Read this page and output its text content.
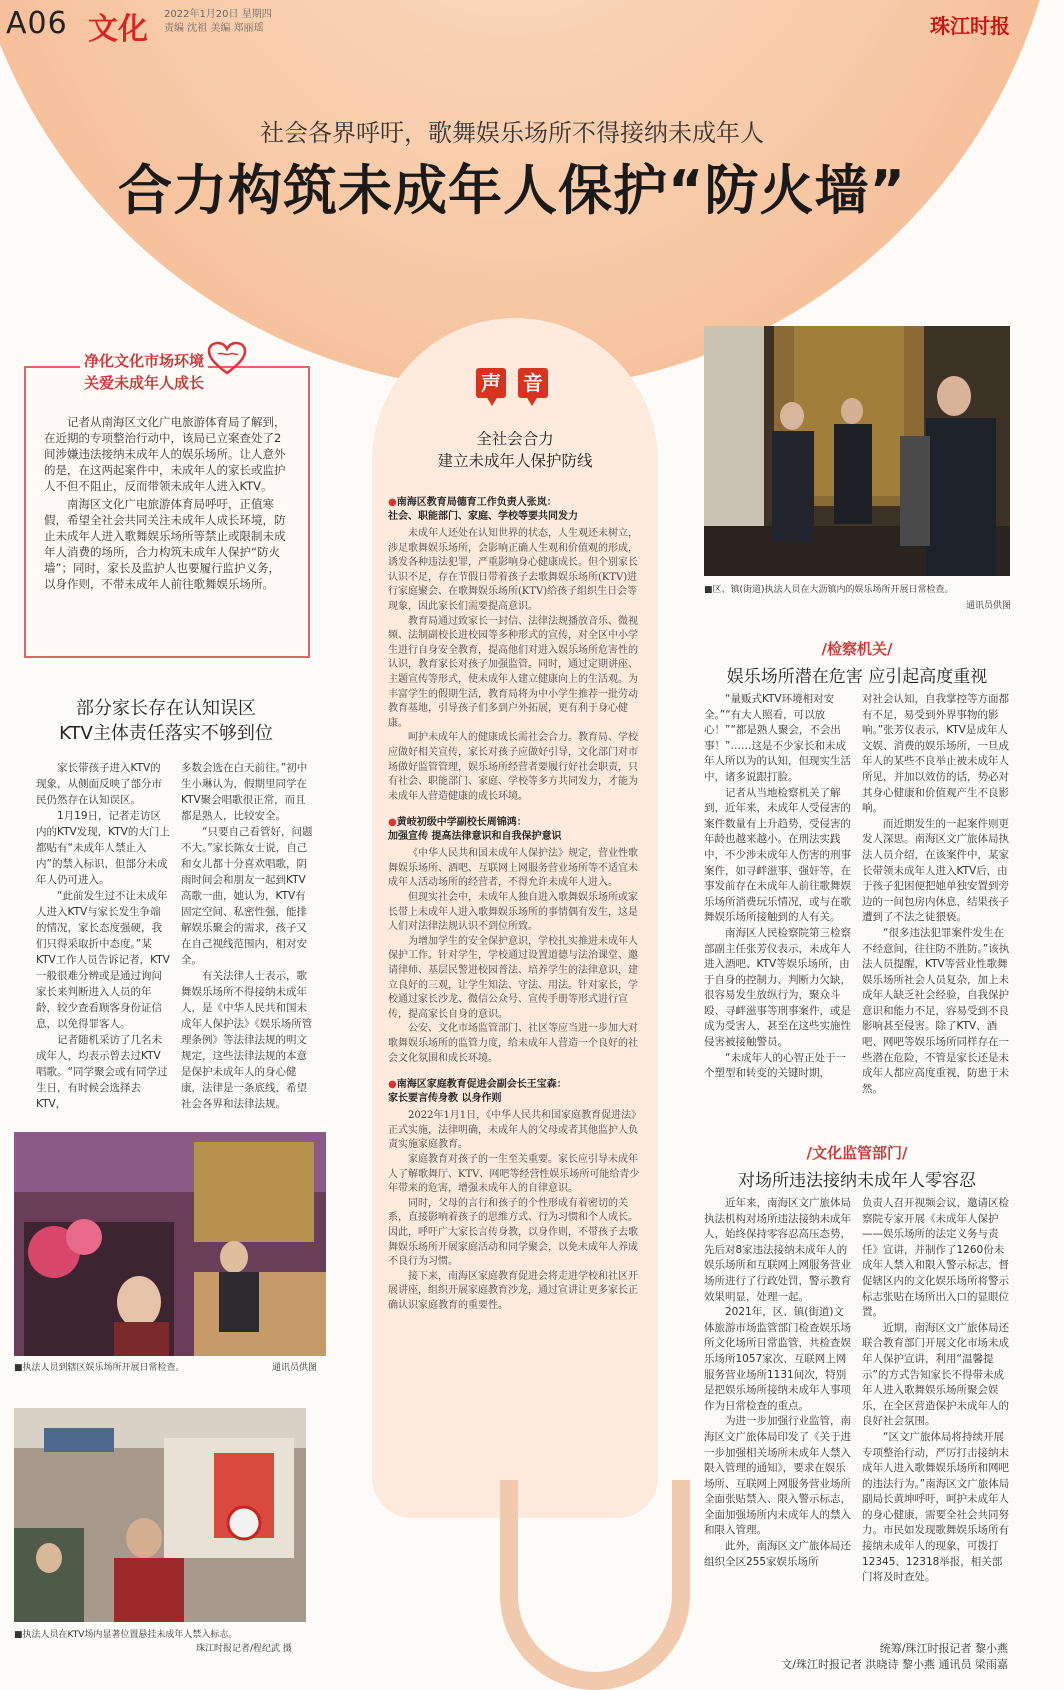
A06 文化 2022年1月20日 星期四
责编 沈祖 美编 郑丽瑶	珠江时报
社会各界呼吁，歌舞娱乐场所不得接纳未成年人
合力构筑未成年人保护“防火墙”
净化文化市场环境
关爱未成年人成长

记者从南海区文化广电旅游体育局了解到，在近期的专项整治行动中，该局已立案查处了2间涉嫌违法接纳未成年人的娱乐场所。让人意外的是，在这两起案件中，未成年人的家长或监护人不但不阻止，反而带领未成年人进入KTV。

南海区文化广电旅游体育局呼吁，正值寒假，希望全社会共同关注未成年人成长环境，防止未成年人进入歌舞娱乐场所等禁止或限制未成年人消费的场所，合力构筑未成年人保护“防火墙”；同时，家长及监护人也要履行监护义务，以身作则，不带未成年人前往歌舞娱乐场所。

部分家长存在认知误区
KTV主体责任落实不够到位

家长带孩子进入KTV的现象，从侧面反映了部分市民仍然存在认知误区。

1月19日，记者走访区内的KTV发现，KTV的大门上都贴有“未成年人禁止入内”的禁入标识，但部分未成年人仍可进入。

“此前发生过不让未成年人进入KTV与家长发生争端的情况，家长态度强硬，我们只得采取折中态度。”某KTV工作人员告诉记者，KTV一般很难分辨或是通过询问家长来判断进入人员的年龄，较少查看顾客身份证信息，以免得罪客人。

记者随机采访了几名未成年人，均表示曾去过KTV唱歌。“同学聚会或有同学过生日，有时候会选择去KTV，

多数会选在白天前往。”初中生小琳认为，假期里同学在KTV聚会唱歌很正常，而且都是熟人，比较安全。

“只要自己看管好，问题不大。”家长陈女士说，自己和女儿都十分喜欢唱歌，阴雨时间会和朋友一起到KTV高歌一曲，她认为，KTV有固定空间、私密性强，能排解娱乐聚会的需求，孩子又在自己视线范围内，相对安全。

有关法律人士表示，歌舞娱乐场所不得接纳未成年人，是《中华人民共和国未成年人保护法》《娱乐场所管理条例》等法律法规的明文规定，这些法律法规的本意是保护未成年人的身心健康，法律是一条底线，希望社会各界和法律法规。

■执法人员到辖区娱乐场所开展日常检查。	通讯员供图
■执法人员在KTV场内显著位置悬挂未成年人禁入标志。
珠江时报记者/程纪武 摄
声 音
全社会合力
建立未成年人保护防线
●南海区教育局德育工作负责人张岚：
社会、职能部门、家庭、学校等要共同发力

未成年人还处在认知世界的状态，人生观还未树立，涉足歌舞娱乐场所，会影响正确人生观和价值观的形成，诱发各种违法犯罪，严重影响身心健康成长。但个别家长认识不足，存在节假日带着孩子去歌舞娱乐场所(KTV)进行家庭聚会、在歌舞娱乐场所(KTV)给孩子组织生日会等现象，因此家长们需要提高意识。

教育局通过致家长一封信、法律法规播放音乐、微视频、法制副校长进校园等多种形式的宣传，对全区中小学生进行自身安全教育，提高他们对进入娱乐场所危害性的认识，教育家长对孩子加强监管。同时，通过定期讲座、主题宣传等形式，使未成年人建立健康向上的生活观。为丰富学生的假期生活，教育局将为中小学生推荐一批劳动教育基地，引导孩子们多到户外拓展，更有利于身心健康。

呵护未成年人的健康成长需社会合力。教育局、学校应做好相关宣传，家长对孩子应做好引导，文化部门对市场做好监管管理，娱乐场所经营者要履行好社会职责，只有社会、职能部门、家庭、学校等多方共同发力，才能为未成年人营造健康的成长环境。

●黄岐初级中学副校长周锦鸿：
加强宣传 提高法律意识和自我保护意识

《中华人民共和国未成年人保护法》规定，营业性歌舞娱乐场所、酒吧、互联网上网服务营业场所等不适宜未成年人活动场所的经营者，不得允许未成年人进入。

但现实社会中，未成年人独自进入歌舞娱乐场所或家长带上未成年人进入歌舞娱乐场所的事情偶有发生，这是人们对法律法规认识不到位所致。

为增加学生的安全保护意识，学校扎实推进未成年人保护工作。针对学生，学校通过设置道德与法治课堂、邀请律师、基层民警进校园普法、培养学生的法律意识，建立良好的三观，让学生知法、守法、用法。针对家长，学校通过家长沙龙、微信公众号、宣传手册等形式进行宣传，提高家长自身的意识。

公安、文化市场监管部门、社区等应当进一步加大对歌舞娱乐场所的监管力度，给未成年人营造一个良好的社会文化氛围和成长环境。

●南海区家庭教育促进会副会长王宝森：
家长要言传身教 以身作则

2022年1月1日，《中华人民共和国家庭教育促进法》正式实施，法律明确，未成年人的父母或者其他监护人负责实施家庭教育。

家庭教育对孩子的一生至关重要。家长应引导未成年人了解歌舞厅、KTV、网吧等经营性娱乐场所可能给青少年带来的危害，增强未成年人的自律意识。

同时，父母的言行和孩子的个性形成有着密切的关系，直接影响着孩子的思维方式、行为习惯和个人成长。因此，呼吁广大家长言传身教，以身作则，不带孩子去歌舞娱乐场所开展家庭活动和同学聚会，以免未成年人养成不良行为习惯。

接下来，南海区家庭教育促进会将走进学校和社区开展讲座，组织开展家庭教育沙龙，通过宣讲让更多家长正确认识家庭教育的重要性。

■区、镇(街道)执法人员在大沥镇内的娱乐场所开展日常检查。
通讯员供图
/检察机关/
娱乐场所潜在危害 应引起高度重视

“量贩式KTV环境相对安全。”“有大人照看，可以放心！”“都是熟人聚会，不会出事！”……这是不少家长和未成年人所以为的认知，但现实生活中，诸多说跟打脸。

记者从当地检察机关了解到，近年来，未成年人受侵害的案件数量有上升趋势，受侵害的年龄也越来越小。在刑法实践中，不少涉未成年人伤害的刑事案件，如寻衅滋事、强奸等，在事发前存在未成年人前往歌舞娱乐场所消费玩乐情况，或与在歌舞娱乐场所接触到的人有关。

南海区人民检察院第三检察部副主任张芳仪表示，未成年人进入酒吧、KTV等娱乐场所，由于自身的控制力、判断力欠缺，很容易发生放纵行为，聚众斗殴、寻衅滋事等刑事案件，或是成为受害人，甚至在这些实施性侵害被接触警员。

“未成年人的心智正处于一个塑型和转变的关键时期，

对社会认知，自我掌控等方面都有不足，易受到外界事物的影响。”张芳仪表示，KTV是成年人文娱、消费的娱乐场所，一旦成年人的某些不良举止被未成年人所见，并加以效仿的话，势必对其身心健康和价值观产生不良影响。

而近期发生的一起案件则更发人深思。南海区文广旅体局执法人员介绍，在该案件中，某家长带领未成年人进入KTV后，由于孩子犯困便把她单独安置到旁边的一间包房内休息，结果孩子遭到了不法之徒猥亵。

“很多违法犯罪案件发生在不经意间，往往防不胜防。”该执法人员提醒，KTV等营业性歌舞娱乐场所社会人员复杂，加上未成年人缺乏社会经验，自我保护意识和能力不足，容易受到不良影响甚至侵害。除了KTV、酒吧、网吧等娱乐场所同样存在一些潜在危险，不管是家长还是未成年人都应高度重视，防患于未然。

/文化监管部门/
对场所违法接纳未成年人零容忍

近年来，南海区文广旅体局执法机构对场所违法接纳未成年人，始终保持零容忍高压态势，先后对8家违法接纳未成年人的娱乐场所和互联网上网服务营业场所进行了行政处罚，警示教育效果明显，处理一起。

2021年，区、镇(街道)文体旅游市场监管部门检查娱乐场所文化场所日常监管，共检查娱乐场所1057家次、互联网上网服务营业场所1131间次，特别是把娱乐场所接纳未成年人事项作为日常检查的重点。

为进一步加强行业监管，南海区文广旅体局印发了《关于进一步加强相关场所未成年人禁入限入管理的通知》，要求在娱乐场所、互联网上网服务营业场所全面张贴禁入、限入警示标志，全面加强场所内未成年人的禁入和限入管理。

此外，南海区文广旅体局还组织全区255家娱乐场所

负责人召开视频会议，邀请区检察院专家开展《未成年人保护——娱乐场所的法定义务与责任》宣讲，并制作了1260份未成年人禁入和限入警示标志，督促辖区内的文化娱乐场所将警示标志张贴在场所出入口的显眼位置。

近期，南海区文广旅体局还联合教育部门开展文化市场未成年人保护宣讲，利用“温馨提示”的方式告知家长不得带未成年人进入歌舞娱乐场所聚会娱乐，在全区营造保护未成年人的良好社会氛围。

“区文广旅体局将持续开展专项整治行动，严厉打击接纳未成年人进入歌舞娱乐场所和网吧的违法行为。”南海区文广旅体局副局长黄坤呼吁，呵护未成年人的身心健康，需要全社会共同努力。市民如发现歌舞娱乐场所有接纳未成年人的现象，可拨打12345、12318举报，相关部门将及时查处。

统筹/珠江时报记者 黎小燕
文/珠江时报记者 洪晓诗 黎小燕 通讯员 梁雨嘉
